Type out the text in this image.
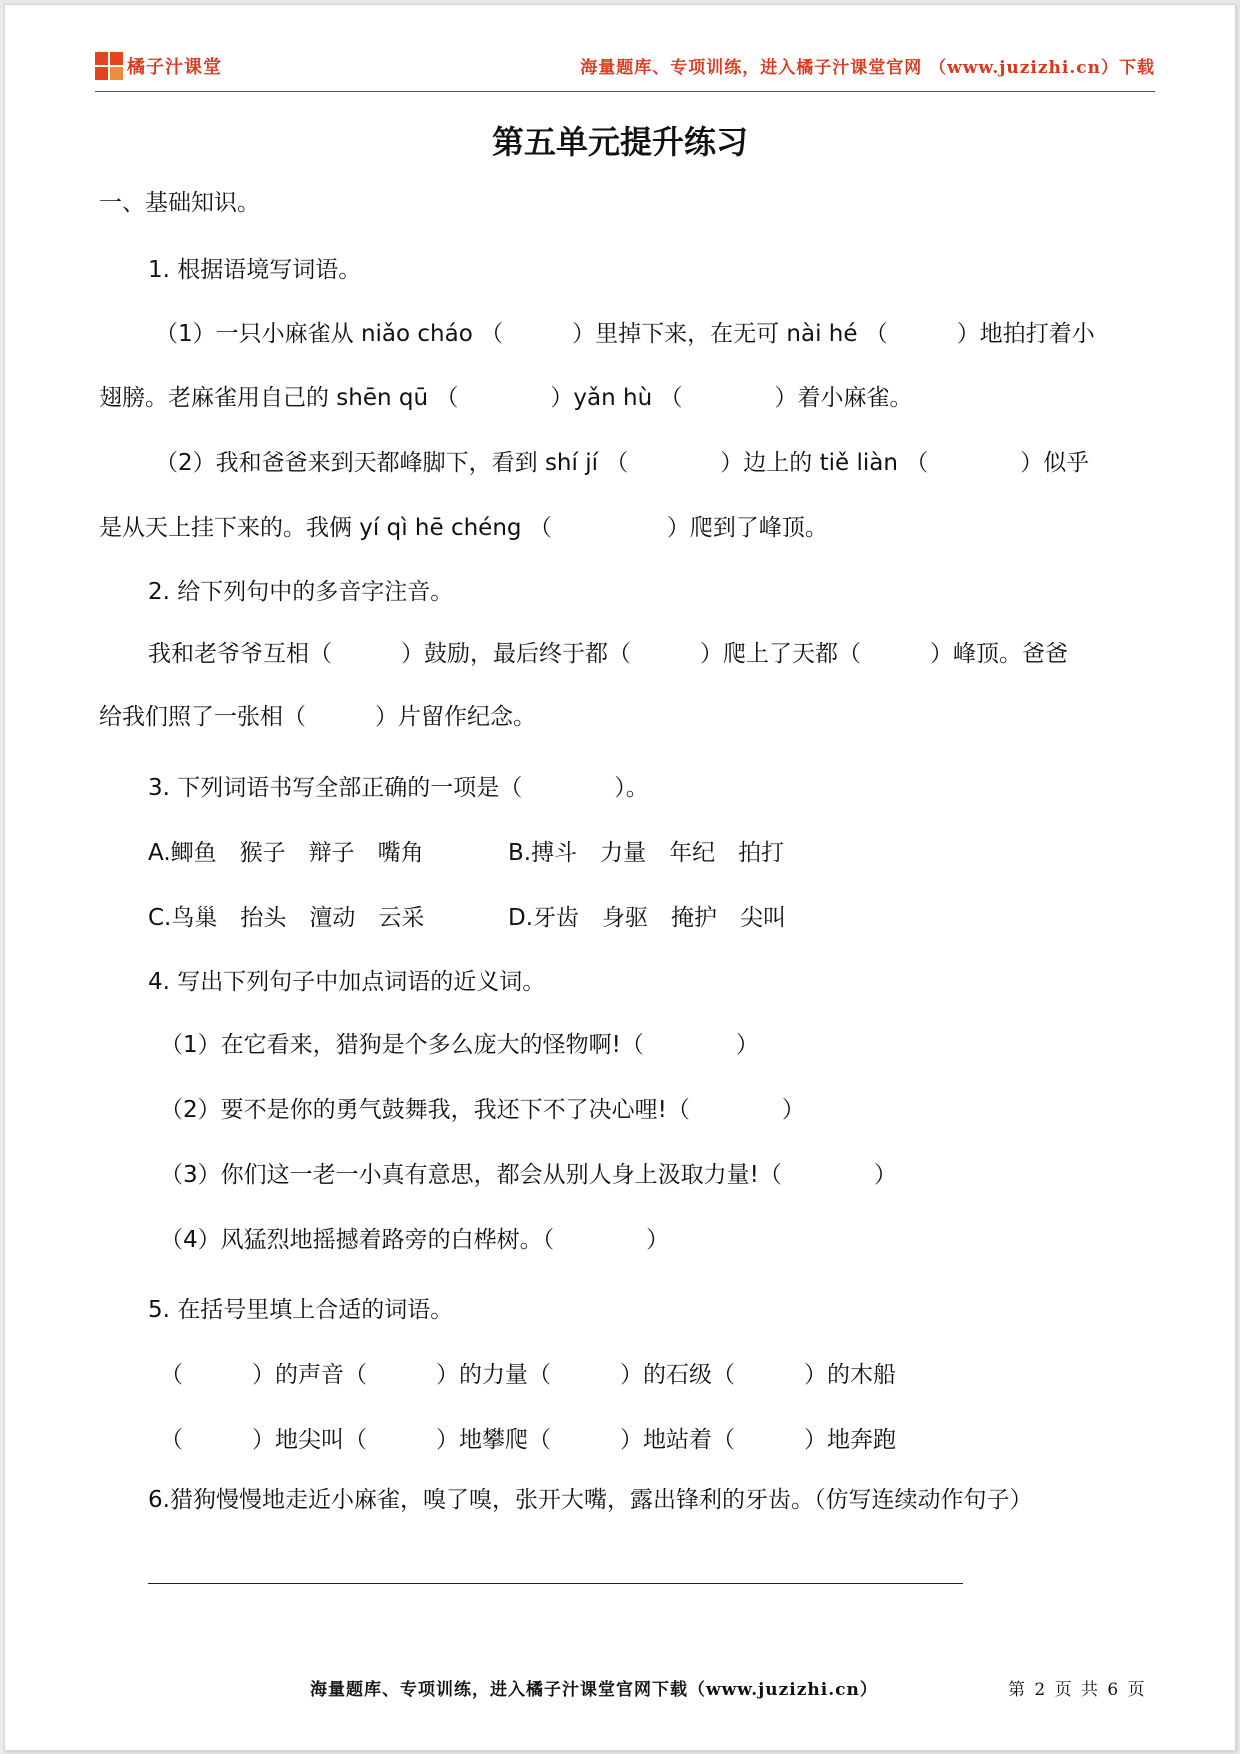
橘子汁课堂	海量题库、专项训练，进入橘子汁课堂官网 （www.juzizhi.cn）下载
第五单元提升练习
一、基础知识。
1. 根据语境写词语。
（1）一只小麻雀从 niǎo cháo （　　　）里掉下来，在无可 nài hé （　　　）地拍打着小
翅膀。老麻雀用自己的 shēn qū （　　　　）yǎn hù （　　　　）着小麻雀。
（2）我和爸爸来到天都峰脚下，看到 shí jí （　　　　）边上的 tiě liàn （　　　　）似乎
是从天上挂下来的。我俩 yí qì hē chéng （　　　　　）爬到了峰顶。
2. 给下列句中的多音字注音。
我和老爷爷互相（　　　）鼓励，最后终于都（　　　）爬上了天都（　　　）峰顶。爸爸
给我们照了一张相（　　　）片留作纪念。
3. 下列词语书写全部正确的一项是（　　　　）。
A.鲫鱼　猴子　辩子　嘴角	B.搏斗　力量　年纪　拍打
C.鸟巢　抬头　澶动　云采	D.牙齿　身驱　掩护　尖叫
4. 写出下列句子中加点词语的近义词。
（1）在它看来，猎狗是个多么庞大的怪物啊!（　　　　）
（2）要不是你的勇气鼓舞我，我还下不了决心哩!（　　　　）
（3）你们这一老一小真有意思，都会从别人身上汲取力量!（　　　　）
（4）风猛烈地摇撼着路旁的白桦树。（　　　　）
5. 在括号里填上合适的词语。
（　　　）的声音（　　　）的力量（　　　）的石级（　　　）的木船
（　　　）地尖叫（　　　）地攀爬（　　　）地站着（　　　）地奔跑
6.猎狗慢慢地走近小麻雀，嗅了嗅，张开大嘴，露出锋利的牙齿。（仿写连续动作句子）
海量题库、专项训练，进入橘子汁课堂官网下载（www.juzizhi.cn）	第 2 页 共 6 页
